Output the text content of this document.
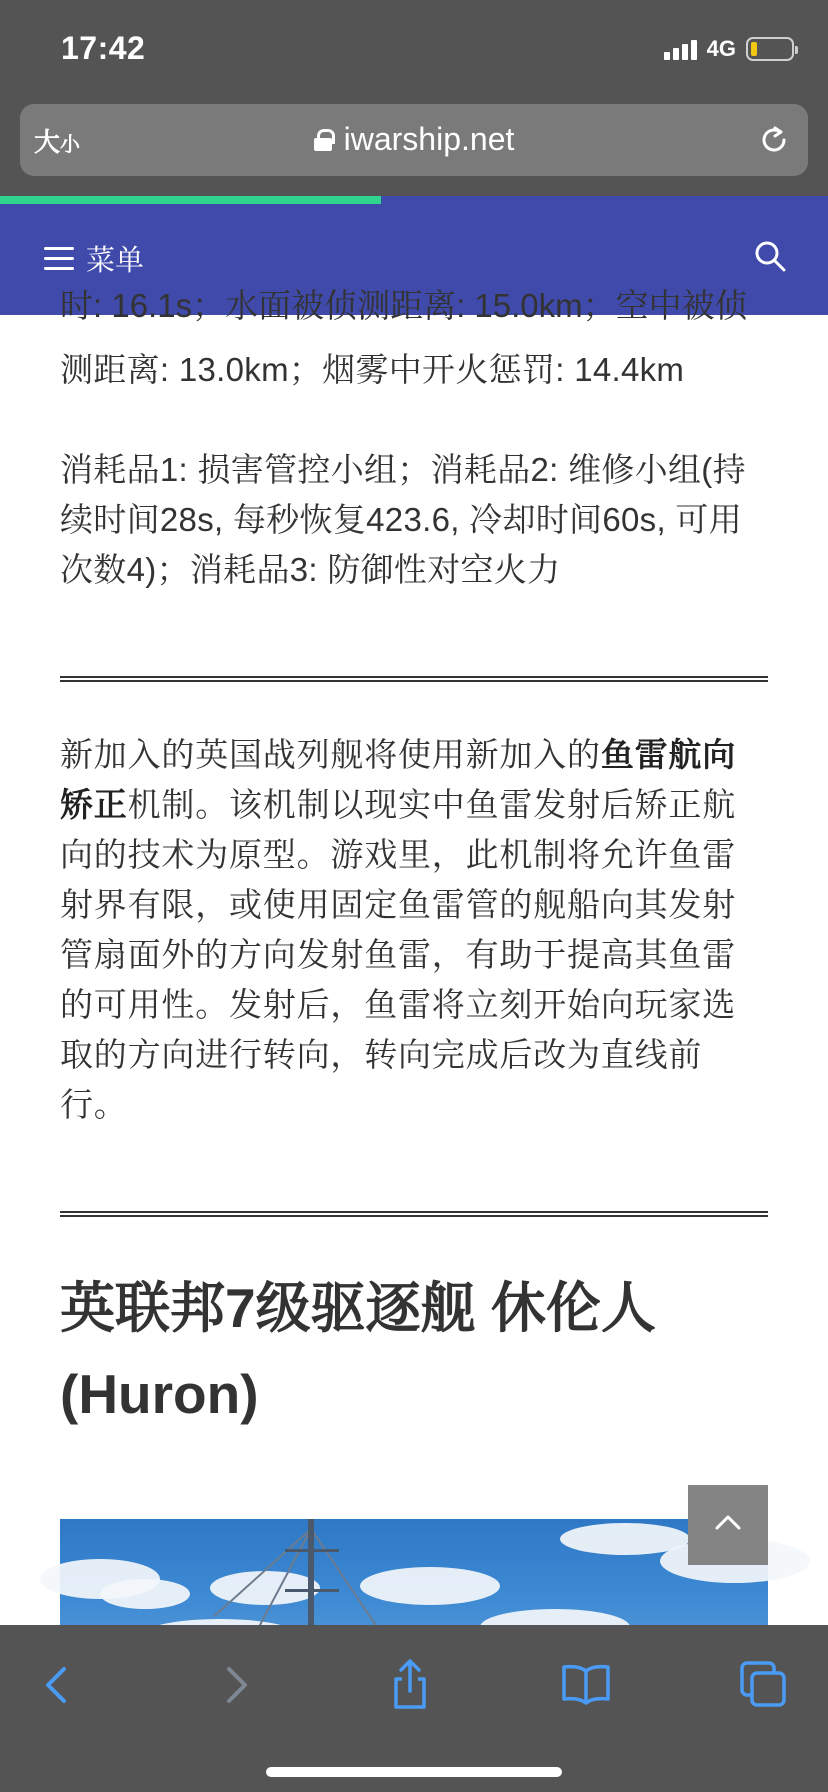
17:42	4G
大小	iwarship.net
菜单
时: 16.1s；水面被侦测距离: 15.0km；空中被侦

测距离: 13.0km；烟雾中开火惩罚: 14.4km

消耗品1: 损害管控小组；消耗品2: 维修小组(持续时间28s, 每秒恢复423.6, 冷却时间60s, 可用次数4)；消耗品3: 防御性对空火力

新加入的英国战列舰将使用新加入的鱼雷航向矫正机制。该机制以现实中鱼雷发射后矫正航向的技术为原型。游戏里，此机制将允许鱼雷射界有限，或使用固定鱼雷管的舰船向其发射管扇面外的方向发射鱼雷，有助于提高其鱼雷的可用性。发射后，鱼雷将立刻开始向玩家选取的方向进行转向，转向完成后改为直线前行。

英联邦7级驱逐舰 休伦人 (Huron)
